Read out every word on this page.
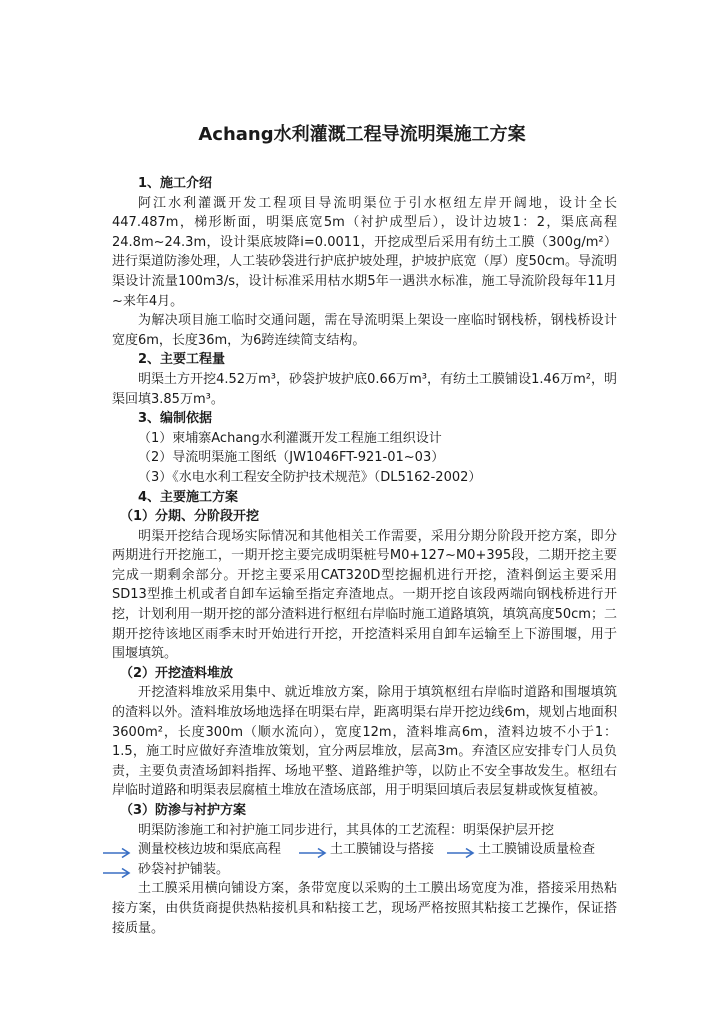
Achang水利灌溉工程导流明渠施工方案

1、施工介绍

阿江水利灌溉开发工程项目导流明渠位于引水枢纽左岸开阔地，设计全长447.487m，梯形断面，明渠底宽5m（衬护成型后），设计边坡1：2，渠底高程24.8m~24.3m，设计渠底坡降i=0.0011，开挖成型后采用有纺土工膜（300g/m²）进行渠道防渗处理，人工装砂袋进行护底护坡处理，护坡护底宽（厚）度50cm。导流明渠设计流量100m3/s，设计标准采用枯水期5年一遇洪水标准，施工导流阶段每年11月~来年4月。

为解决项目施工临时交通问题，需在导流明渠上架设一座临时钢栈桥，钢栈桥设计宽度6m，长度36m，为6跨连续简支结构。

2、主要工程量

明渠土方开挖4.52万m³，砂袋护坡护底0.66万m³，有纺土工膜铺设1.46万m²，明渠回填3.85万m³。

3、编制依据

（1）柬埔寨Achang水利灌溉开发工程施工组织设计

（2）导流明渠施工图纸（JW1046FT-921-01~03）

（3）《水电水利工程安全防护技术规范》（DL5162-2002）

4、主要施工方案

（1）分期、分阶段开挖

明渠开挖结合现场实际情况和其他相关工作需要，采用分期分阶段开挖方案，即分两期进行开挖施工，一期开挖主要完成明渠桩号M0+127~M0+395段，二期开挖主要完成一期剩余部分。开挖主要采用CAT320D型挖掘机进行开挖，渣料倒运主要采用SD13型推土机或者自卸车运输至指定弃渣地点。一期开挖自该段两端向钢栈桥进行开挖，计划利用一期开挖的部分渣料进行枢纽右岸临时施工道路填筑，填筑高度50cm；二期开挖待该地区雨季末时开始进行开挖，开挖渣料采用自卸车运输至上下游围堰，用于围堰填筑。

（2）开挖渣料堆放

开挖渣料堆放采用集中、就近堆放方案，除用于填筑枢纽右岸临时道路和围堰填筑的渣料以外。渣料堆放场地选择在明渠右岸，距离明渠右岸开挖边线6m，规划占地面积3600m²，长度300m（顺水流向），宽度12m，渣料堆高6m，渣料边坡不小于1：1.5，施工时应做好弃渣堆放策划，宜分两层堆放，层高3m。弃渣区应安排专门人员负责，主要负责渣场卸料指挥、场地平整、道路维护等，以防止不安全事故发生。枢纽右岸临时道路和明渠表层腐植土堆放在渣场底部，用于明渠回填后表层复耕或恢复植被。

（3）防渗与衬护方案

明渠防渗施工和衬护施工同步进行，其具体的工艺流程：明渠保护层开挖

测量校核边坡和渠底高程	土工膜铺设与搭接	土工膜铺设质量检查
砂袋衬护铺装。

土工膜采用横向铺设方案，条带宽度以采购的土工膜出场宽度为准，搭接采用热粘接方案，由供货商提供热粘接机具和粘接工艺，现场严格按照其粘接工艺操作，保证搭接质量。
